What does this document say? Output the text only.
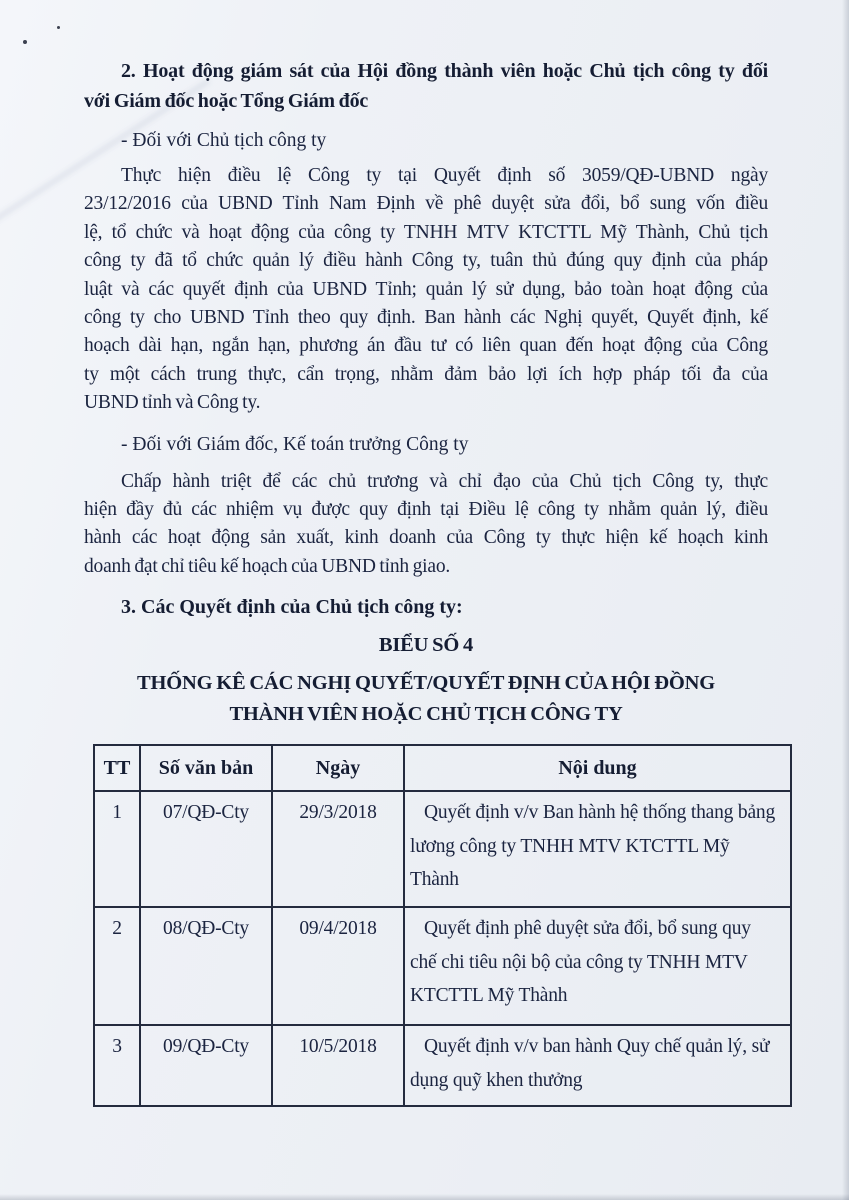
2. Hoạt động giám sát của Hội đồng thành viên hoặc Chủ tịch công ty đối
với Giám đốc hoặc Tổng Giám đốc
- Đối với Chủ tịch công ty
Thực hiện điều lệ Công ty tại Quyết định số 3059/QĐ-UBND ngày
23/12/2016 của UBND Tỉnh Nam Định về phê duyệt sửa đổi, bổ sung vốn điều
lệ, tổ chức và hoạt động của công ty TNHH MTV KTCTTL Mỹ Thành, Chủ tịch
công ty đã tổ chức quản lý điều hành Công ty, tuân thủ đúng quy định của pháp
luật và các quyết định của UBND Tỉnh; quản lý sử dụng, bảo toàn hoạt động của
công ty cho UBND Tỉnh theo quy định. Ban hành các Nghị quyết, Quyết định, kế
hoạch dài hạn, ngắn hạn, phương án đầu tư có liên quan đến hoạt động của Công
ty một cách trung thực, cẩn trọng, nhằm đảm bảo lợi ích hợp pháp tối đa của
UBND tỉnh và Công ty.
- Đối với Giám đốc, Kế toán trưởng Công ty
Chấp hành triệt để các chủ trương và chỉ đạo của Chủ tịch Công ty, thực
hiện đầy đủ các nhiệm vụ được quy định tại Điều lệ công ty nhằm quản lý, điều
hành các hoạt động sản xuất, kinh doanh của Công ty thực hiện kế hoạch kinh
doanh đạt chỉ tiêu kế hoạch của UBND tỉnh giao.
3. Các Quyết định của Chủ tịch công ty:
BIỂU SỐ 4
THỐNG KÊ CÁC NGHỊ QUYẾT/QUYẾT ĐỊNH CỦA HỘI ĐỒNG
THÀNH VIÊN HOẶC CHỦ TỊCH CÔNG TY
TT	Số văn bản	Ngày	Nội dung
1	07/QĐ-Cty	29/3/2018	Quyết định v/v Ban hành hệ thống thang bảng lương công ty TNHH MTV KTCTTL Mỹ Thành
2	08/QĐ-Cty	09/4/2018	Quyết định phê duyệt sửa đổi, bổ sung quy chế chi tiêu nội bộ của công ty TNHH MTV KTCTTL Mỹ Thành
3	09/QĐ-Cty	10/5/2018	Quyết định v/v ban hành Quy chế quản lý, sử dụng quỹ khen thưởng
